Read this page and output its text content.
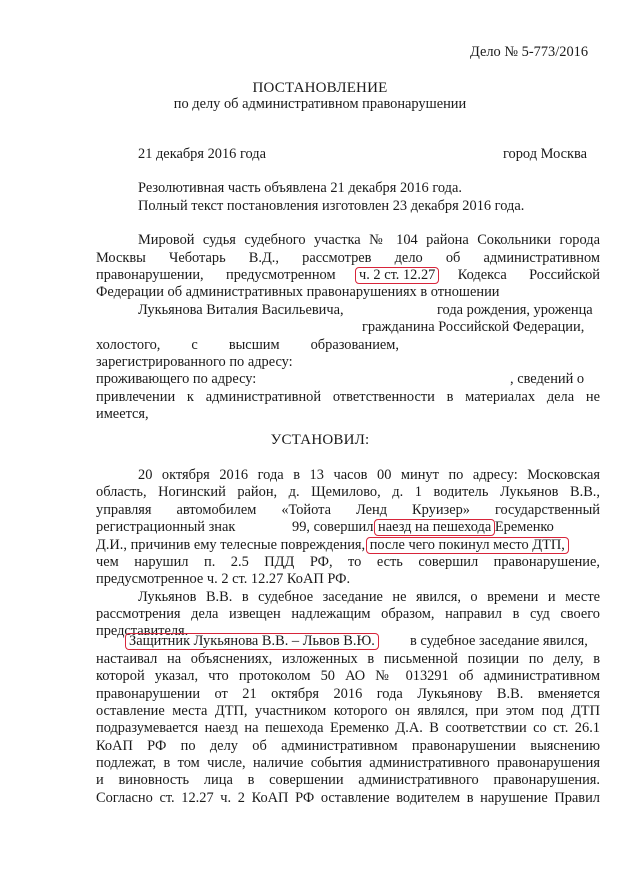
Дело № 5-773/2016
ПОСТАНОВЛЕНИЕ
по делу об административном правонарушении
21 декабря 2016 года	город Москва
Резолютивная часть объявлена 21 декабря 2016 года.
Полный текст постановления изготовлен 23 декабря 2016 года.
Мировой судья судебного участка № 104 района Сокольники города
Москвы Чеботарь В.Д., рассмотрев дело об административном
правонарушении, предусмотренном ч. 2 ст. 12.27 Кодекса Российской
Федерации об административных правонарушениях в отношении
Лукьянова Виталия Васильевича,	года рождения, уроженца
гражданина Российской Федерации,
холостого, с высшим образованием,
зарегистрированного по адресу:
проживающего по адресу:	, сведений о
привлечении к административной ответственности в материалах дела не
имеется,
УСТАНОВИЛ:
20 октября 2016 года в 13 часов 00 минут по адресу: Московская
область, Ногинский район, д. Щемилово, д. 1 водитель Лукьянов В.В.,
управляя автомобилем «Тойота Ленд Круизер» государственный
регистрационный знак	99, совершил наезд на пешехода Еременко
Д.И., причинив ему телесные повреждения, после чего покинул место ДТП,
чем нарушил п. 2.5 ПДД РФ, то есть совершил правонарушение,
предусмотренное ч. 2 ст. 12.27 КоАП РФ.
Лукьянов В.В. в судебное заседание не явился, о времени и месте
рассмотрения дела извещен надлежащим образом, направил в суд своего
представителя.
Защитник Лукьянова В.В. – Львов В.Ю. в судебное заседание явился,
настаивал на объяснениях, изложенных в письменной позиции по делу, в
которой указал, что протоколом 50 АО № 013291 об административном
правонарушении от 21 октября 2016 года Лукьянову В.В. вменяется
оставление места ДТП, участником которого он являлся, при этом под ДТП
подразумевается наезд на пешехода Еременко Д.А. В соответствии со ст. 26.1
КоАП РФ по делу об административном правонарушении выяснению
подлежат, в том числе, наличие события административного правонарушения
и виновность лица в совершении административного правонарушения.
Согласно ст. 12.27 ч. 2 КоАП РФ оставление водителем в нарушение Правил
